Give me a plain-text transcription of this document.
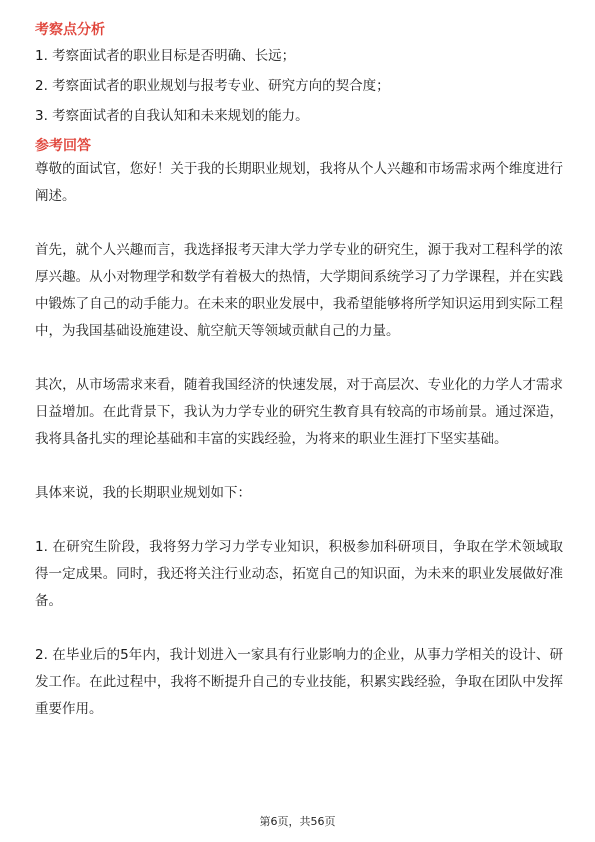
考察点分析
1. 考察面试者的职业目标是否明确、长远；
2. 考察面试者的职业规划与报考专业、研究方向的契合度；
3. 考察面试者的自我认知和未来规划的能力。
参考回答

尊敬的面试官，您好！关于我的长期职业规划，我将从个人兴趣和市场需求两个维度进行阐述。

首先，就个人兴趣而言，我选择报考天津大学力学专业的研究生，源于我对工程科学的浓厚兴趣。从小对物理学和数学有着极大的热情，大学期间系统学习了力学课程，并在实践中锻炼了自己的动手能力。在未来的职业发展中，我希望能够将所学知识运用到实际工程中，为我国基础设施建设、航空航天等领域贡献自己的力量。

其次，从市场需求来看，随着我国经济的快速发展，对于高层次、专业化的力学人才需求日益增加。在此背景下，我认为力学专业的研究生教育具有较高的市场前景。通过深造，我将具备扎实的理论基础和丰富的实践经验，为将来的职业生涯打下坚实基础。

具体来说，我的长期职业规划如下：

1. 在研究生阶段，我将努力学习力学专业知识，积极参加科研项目，争取在学术领域取得一定成果。同时，我还将关注行业动态，拓宽自己的知识面，为未来的职业发展做好准备。

2. 在毕业后的5年内，我计划进入一家具有行业影响力的企业，从事力学相关的设计、研发工作。在此过程中，我将不断提升自己的专业技能，积累实践经验，争取在团队中发挥重要作用。

第6页，共56页
